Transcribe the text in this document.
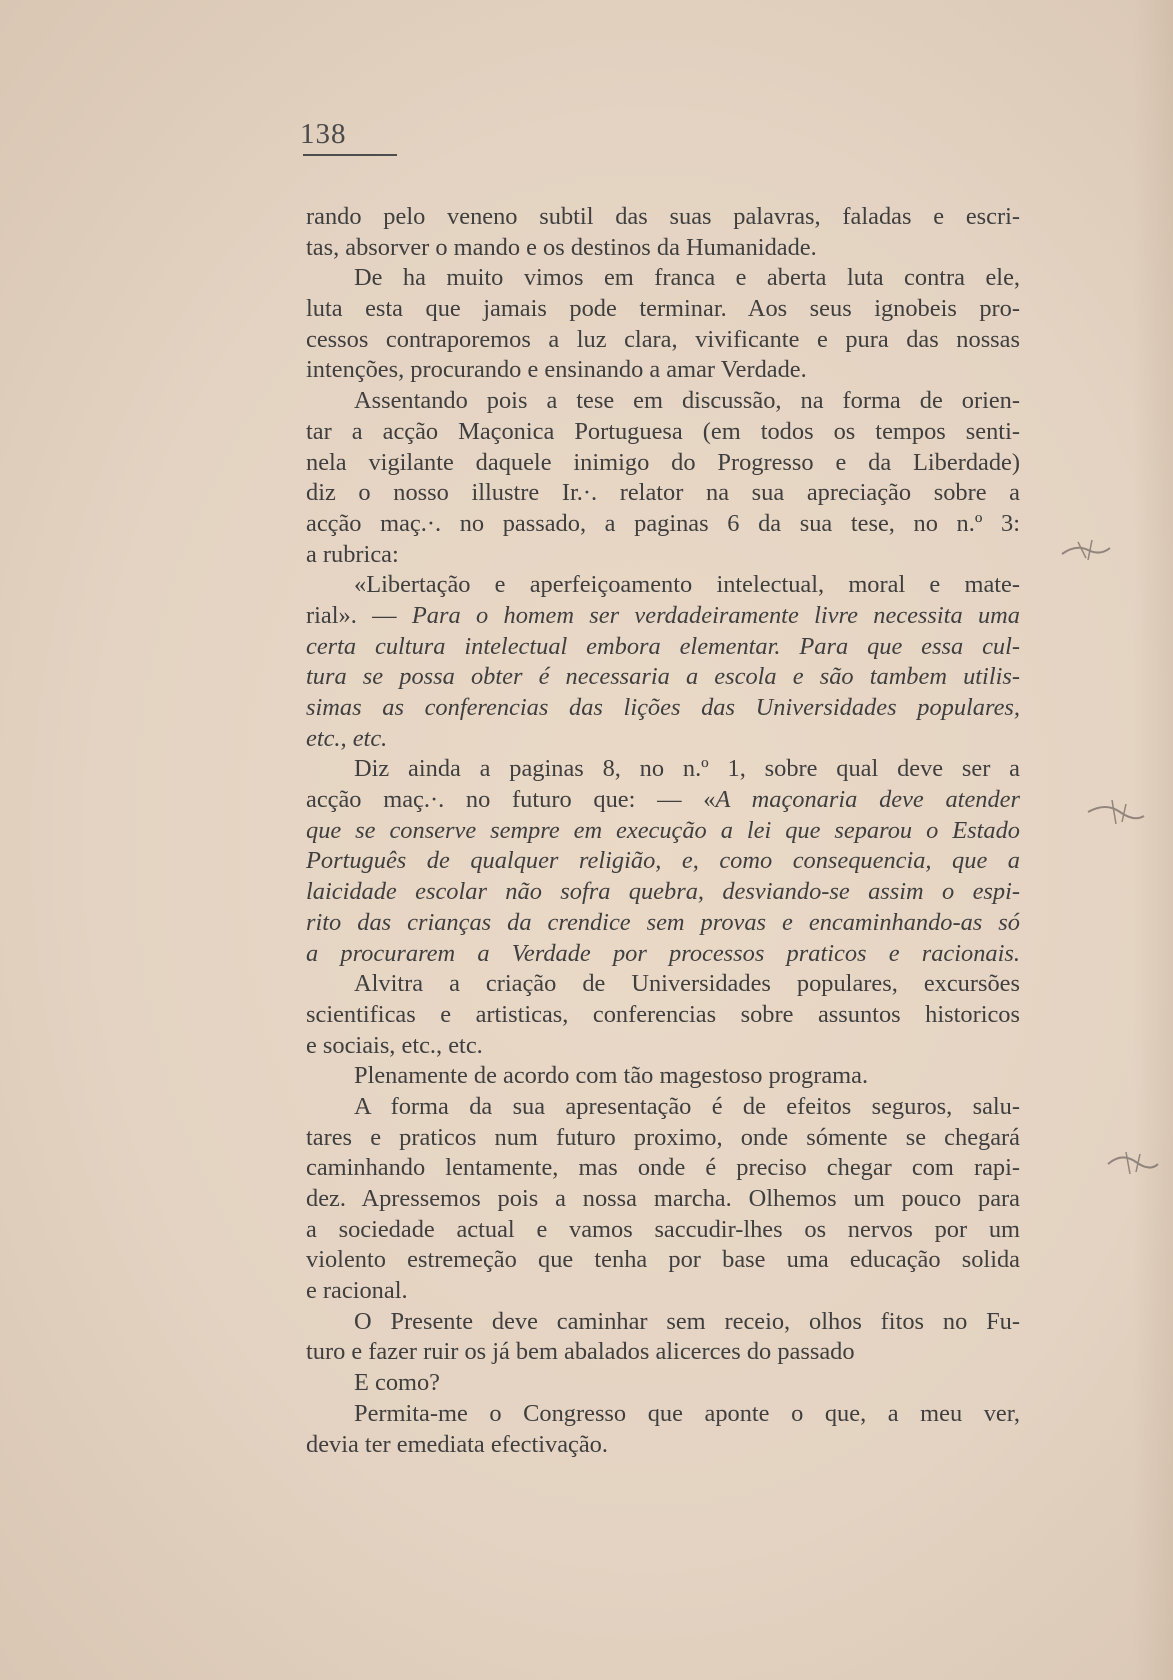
138
rando pelo veneno subtil das suas palavras, faladas e escri-
tas, absorver o mando e os destinos da Humanidade.
De ha muito vimos em franca e aberta luta contra ele,
luta esta que jamais pode terminar. Aos seus ignobeis pro-
cessos contraporemos a luz clara, vivificante e pura das nossas
intenções, procurando e ensinando a amar Verdade.
Assentando pois a tese em discussão, na forma de orien-
tar a acção Maçonica Portuguesa (em todos os tempos senti-
nela vigilante daquele inimigo do Progresso e da Liberdade)
diz o nosso illustre Ir.·. relator na sua apreciação sobre a
acção maç.·. no passado, a paginas 6 da sua tese, no n.º 3:
a rubrica:
«Libertação e aperfeiçoamento intelectual, moral e mate-
rial». — Para o homem ser verdadeiramente livre necessita uma
certa cultura intelectual embora elementar. Para que essa cul-
tura se possa obter é necessaria a escola e são tambem utilis-
simas as conferencias das lições das Universidades populares,
etc., etc.
Diz ainda a paginas 8, no n.º 1, sobre qual deve ser a
acção maç.·. no futuro que: — «A maçonaria deve atender
que se conserve sempre em execução a lei que separou o Estado
Português de qualquer religião, e, como consequencia, que a
laicidade escolar não sofra quebra, desviando-se assim o espi-
rito das crianças da crendice sem provas e encaminhando-as só
a procurarem a Verdade por processos praticos e racionais.
Alvitra a criação de Universidades populares, excursões
scientificas e artisticas, conferencias sobre assuntos historicos
e sociais, etc., etc.
Plenamente de acordo com tão magestoso programa.
A forma da sua apresentação é de efeitos seguros, salu-
tares e praticos num futuro proximo, onde sómente se chegará
caminhando lentamente, mas onde é preciso chegar com rapi-
dez. Apressemos pois a nossa marcha. Olhemos um pouco para
a sociedade actual e vamos saccudir-lhes os nervos por um
violento estremeção que tenha por base uma educação solida
e racional.
O Presente deve caminhar sem receio, olhos fitos no Fu-
turo e fazer ruir os já bem abalados alicerces do passado
E como?
Permita-me o Congresso que aponte o que, a meu ver,
devia ter emediata efectivação.
